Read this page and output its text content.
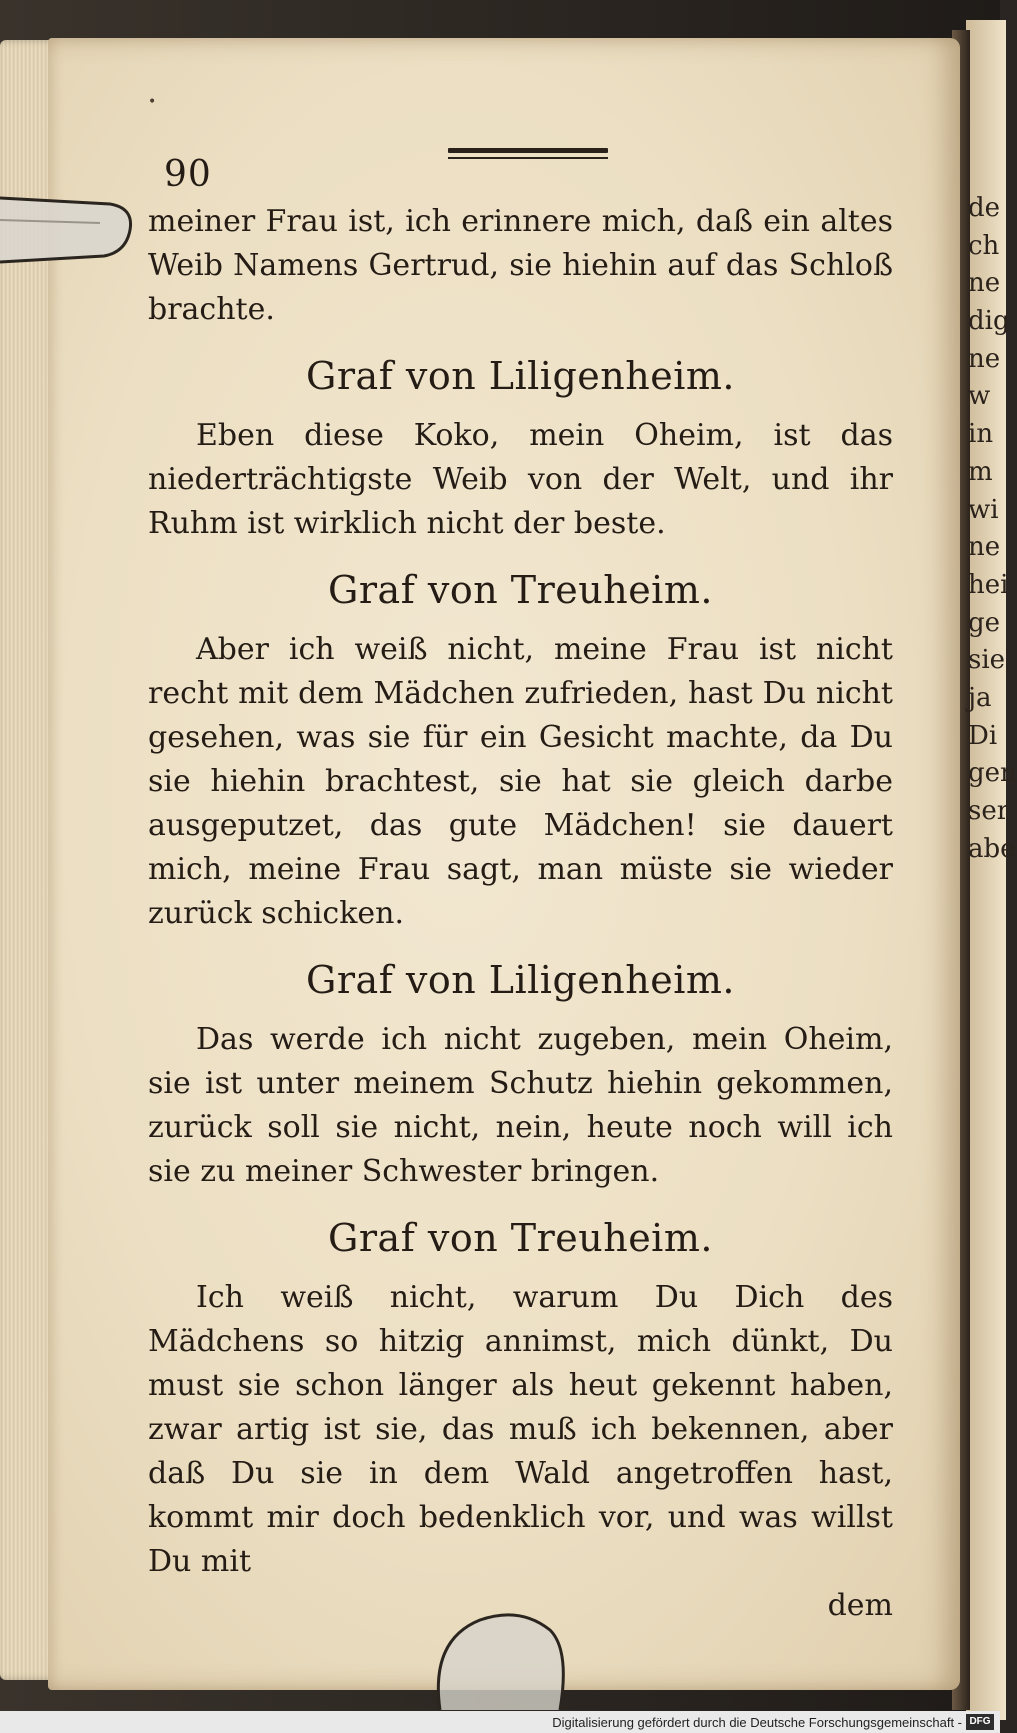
de
ch
ne
dig
ne
w
in
m
wi
ne
hei
ge
sie
ja
Di
gen
ser
abe
•
90

meiner Frau ist, ich erinnere mich, daß ein altes Weib Namens Gertrud, sie hiehin auf das Schloß brachte.

Graf von Liligenheim.

Eben diese Koko, mein Oheim, ist das niederträchtigste Weib von der Welt, und ihr Ruhm ist wirklich nicht der beste.

Graf von Treuheim.

Aber ich weiß nicht, meine Frau ist nicht recht mit dem Mädchen zufrieden, hast Du nicht gesehen, was sie für ein Gesicht machte, da Du sie hiehin brachtest, sie hat sie gleich darbe ausgeputzet, das gute Mädchen! sie dauert mich, meine Frau sagt, man müste sie wieder zurück schicken.

Graf von Liligenheim.

Das werde ich nicht zugeben, mein Oheim, sie ist unter meinem Schutz hiehin gekommen, zurück soll sie nicht, nein, heute noch will ich sie zu meiner Schwester bringen.

Graf von Treuheim.

Ich weiß nicht, warum Du Dich des Mädchens so hitzig annimst, mich dünkt, Du must sie schon länger als heut gekennt haben, zwar artig ist sie, das muß ich bekennen, aber daß Du sie in dem Wald angetroffen hast, kommt mir doch bedenklich vor, und was willst Du mit

dem

Digitalisierung gefördert durch die Deutsche Forschungsgemeinschaft - DFG
